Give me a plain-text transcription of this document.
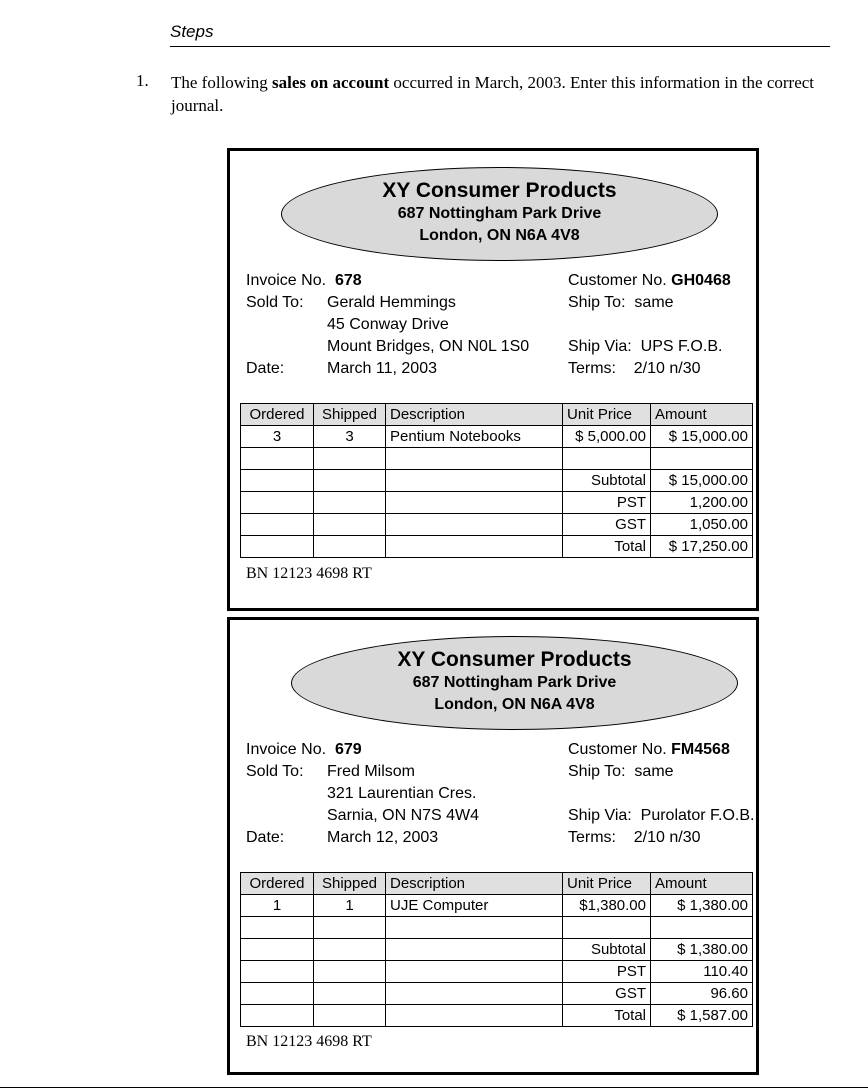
Steps
1. The following sales on account occurred in March, 2003. Enter this information in the correct journal.
XY Consumer Products
687 Nottingham Park Drive
London, ON N6A 4V8
Invoice No. 678
Sold To: Gerald Hemmings
45 Conway Drive
Mount Bridges, ON N0L 1S0
Date:	March 11, 2003
Customer No. GH0468
Ship To: same
Ship Via: UPS F.O.B.
Terms: 2/10 n/30
Ordered	Shipped	Description	Unit Price	Amount
3	3	Pentium Notebooks	$ 5,000.00	$ 15,000.00

			Subtotal	$ 15,000.00
			PST	1,200.00
			GST	1,050.00
			Total	$ 17,250.00
BN 12123 4698 RT
XY Consumer Products
687 Nottingham Park Drive
London, ON N6A 4V8
Invoice No. 679
Sold To: Fred Milsom
321 Laurentian Cres.
Sarnia, ON N7S 4W4
Date:	March 12, 2003
Customer No. FM4568
Ship To: same
Ship Via: Purolator F.O.B.
Terms: 2/10 n/30
Ordered	Shipped	Description	Unit Price	Amount
1	1	UJE Computer	$1,380.00	$ 1,380.00

			Subtotal	$ 1,380.00
			PST	110.40
			GST	96.60
			Total	$ 1,587.00
BN 12123 4698 RT
